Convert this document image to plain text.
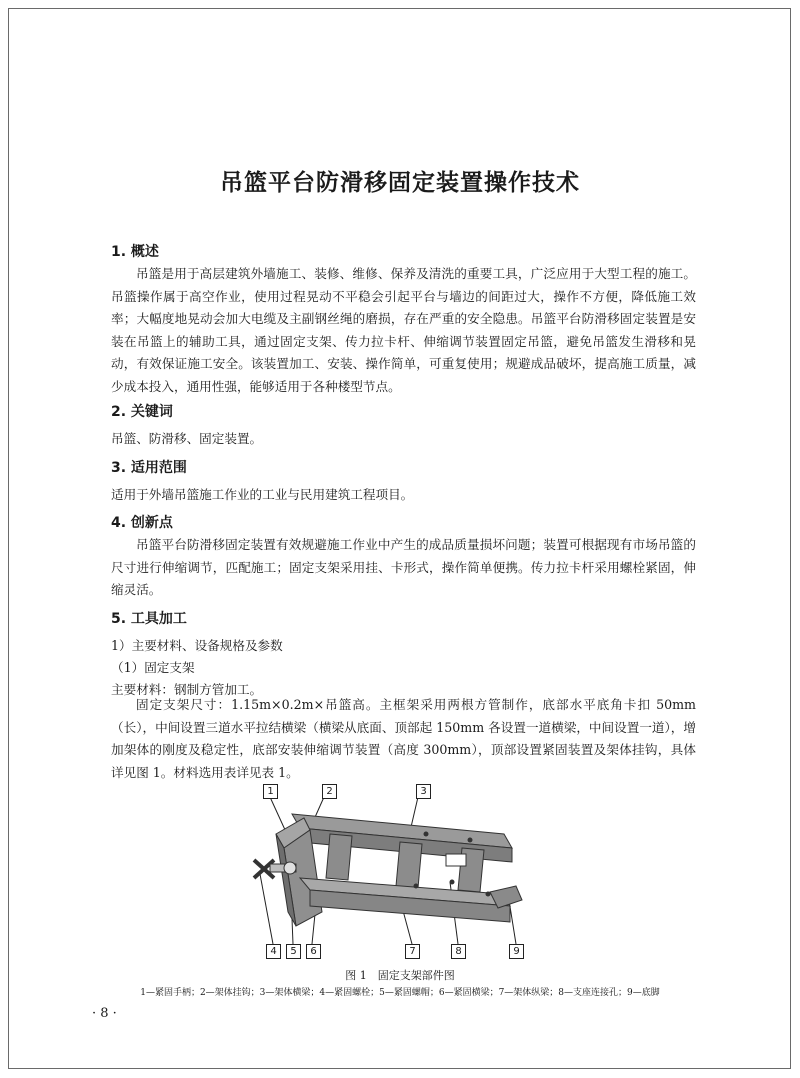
吊篮平台防滑移固定装置操作技术
1. 概述

吊篮是用于高层建筑外墙施工、装修、维修、保养及清洗的重要工具，广泛应用于大型工程的施工。吊篮操作属于高空作业，使用过程晃动不平稳会引起平台与墙边的间距过大，操作不方便，降低施工效率；大幅度地晃动会加大电缆及主副钢丝绳的磨损，存在严重的安全隐患。吊篮平台防滑移固定装置是安装在吊篮上的辅助工具，通过固定支架、传力拉卡杆、伸缩调节装置固定吊篮，避免吊篮发生滑移和晃动，有效保证施工安全。该装置加工、安装、操作简单，可重复使用；规避成品破坏，提高施工质量，减少成本投入，通用性强，能够适用于各种楼型节点。

2. 关键词

吊篮、防滑移、固定装置。

3. 适用范围

适用于外墙吊篮施工作业的工业与民用建筑工程项目。

4. 创新点

吊篮平台防滑移固定装置有效规避施工作业中产生的成品质量损坏问题；装置可根据现有市场吊篮的尺寸进行伸缩调节，匹配施工；固定支架采用挂、卡形式，操作简单便携。传力拉卡杆采用螺栓紧固，伸缩灵活。

5. 工具加工

1）主要材料、设备规格及参数

（1）固定支架

主要材料：钢制方管加工。

固定支架尺寸：1.15m×0.2m×吊篮高。主框架采用两根方管制作，底部水平底角卡扣 50mm（长），中间设置三道水平拉结横梁（横梁从底面、顶部起 150mm 各设置一道横梁，中间设置一道），增加架体的刚度及稳定性，底部安装伸缩调节装置（高度 300mm），顶部设置紧固装置及架体挂钩，具体详见图 1。材料选用表详见表 1。

1	2	3
4	5	6	7	8	9

图 1　固定支架部件图

1—紧固手柄；2—架体挂钩；3—架体横梁；4—紧固螺栓；5—紧固螺帽；6—紧固横梁；7—架体纵梁；8—支座连接孔；9—底脚

· 8 ·
